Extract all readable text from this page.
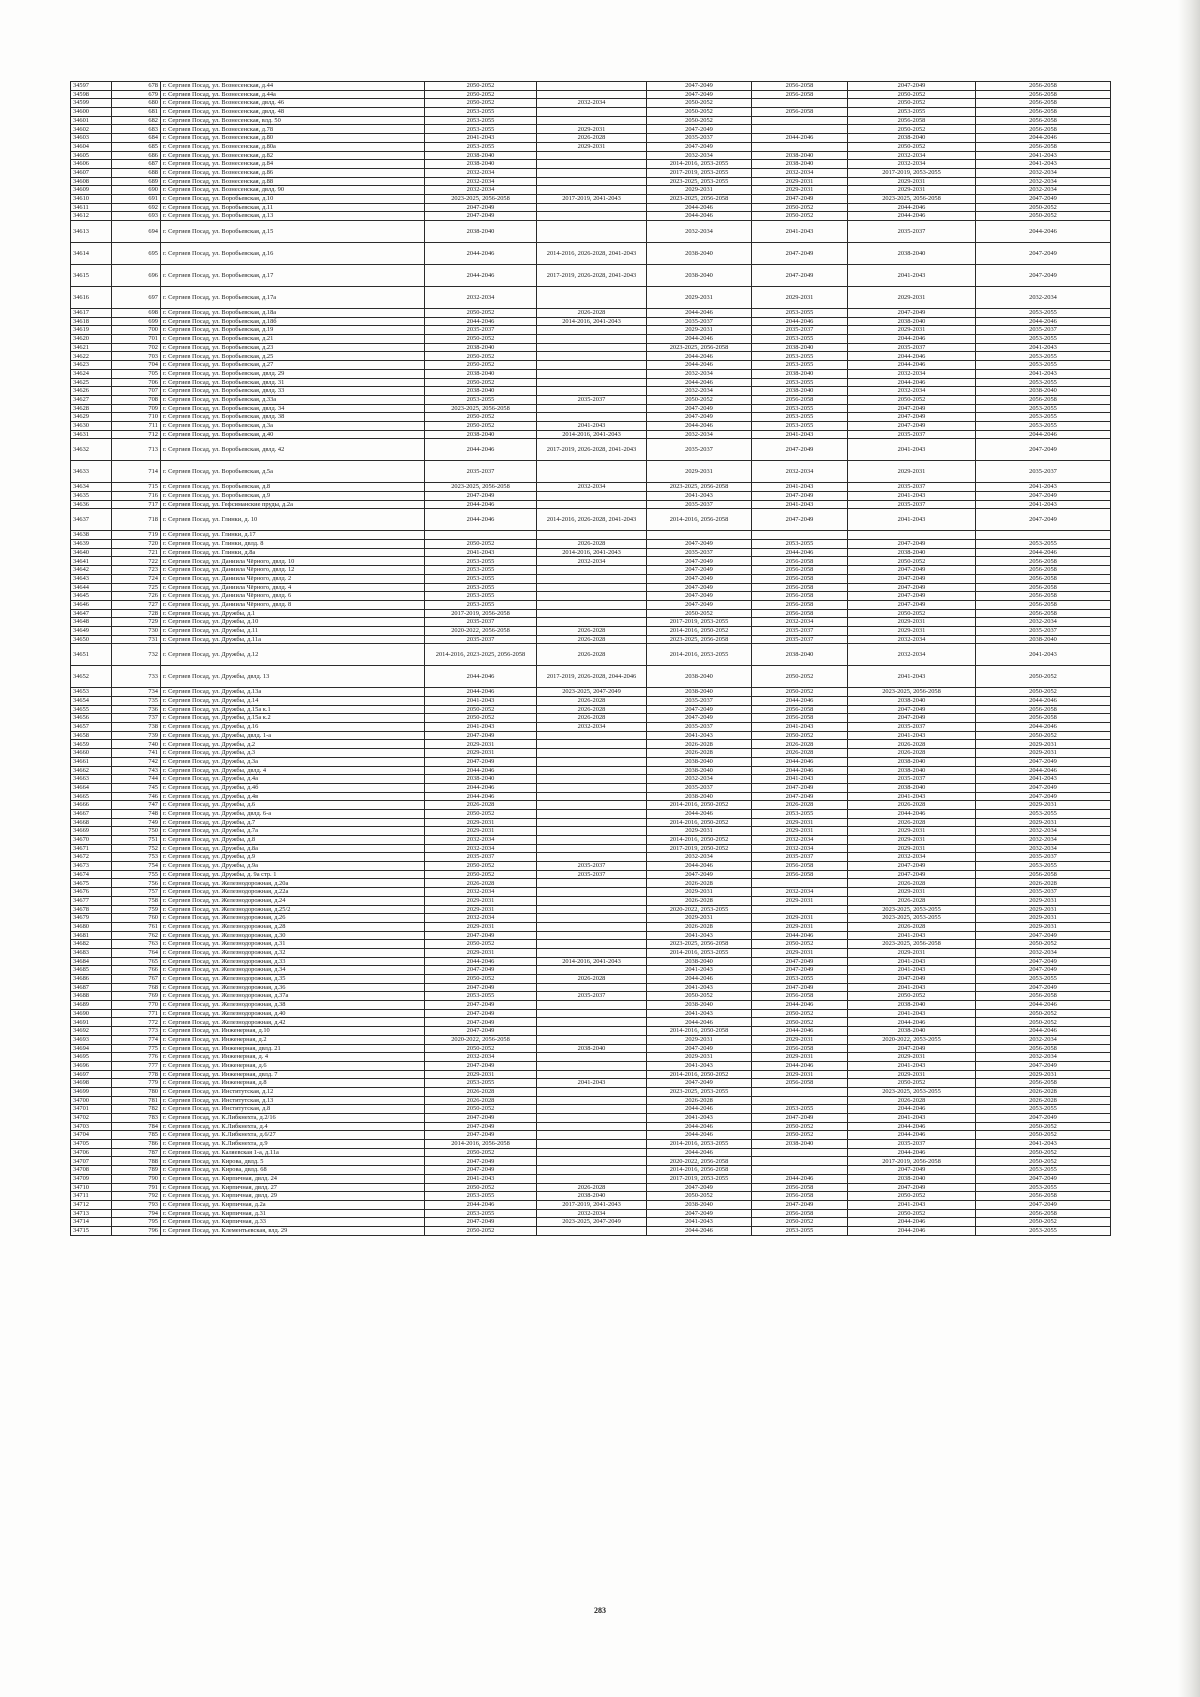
34597	678	г. Сергиев Посад, ул. Вознесенская, д.44	2050-2052		2047-2049	2056-2058	2047-2049	2056-2058
34598	679	г. Сергиев Посад, ул. Вознесенская, д.44а	2050-2052		2047-2049	2056-2058	2050-2052	2056-2058
34599	680	г. Сергиев Посад, ул. Вознесенская, двлд. 46	2050-2052	2032-2034	2050-2052		2050-2052	2056-2058
34600	681	г. Сергиев Посад, ул. Вознесенская, двлд. 48	2053-2055		2050-2052	2056-2058	2053-2055	2056-2058
34601	682	г. Сергиев Посад, ул. Вознесенская, влд. 50	2053-2055		2050-2052		2056-2058	2056-2058
34602	683	г. Сергиев Посад, ул. Вознесенская, д.78	2053-2055	2029-2031	2047-2049		2050-2052	2056-2058
34603	684	г. Сергиев Посад, ул. Вознесенская, д.80	2041-2043	2026-2028	2035-2037	2044-2046	2038-2040	2044-2046
34604	685	г. Сергиев Посад, ул. Вознесенская, д.80а	2053-2055	2029-2031	2047-2049		2050-2052	2056-2058
34605	686	г. Сергиев Посад, ул. Вознесенская, д.82	2038-2040		2032-2034	2038-2040	2032-2034	2041-2043
34606	687	г. Сергиев Посад, ул. Вознесенская, д.84	2038-2040		2014-2016, 2053-2055	2038-2040	2032-2034	2041-2043
34607	688	г. Сергиев Посад, ул. Вознесенская, д.86	2032-2034		2017-2019, 2053-2055	2032-2034	2017-2019, 2053-2055	2032-2034
34608	689	г. Сергиев Посад, ул. Вознесенская, д.88	2032-2034		2023-2025, 2053-2055	2029-2031	2029-2031	2032-2034
34609	690	г. Сергиев Посад, ул. Вознесенская, двлд. 90	2032-2034		2029-2031	2029-2031	2029-2031	2032-2034
34610	691	г. Сергиев Посад, ул. Воробьевская, д.10	2023-2025, 2056-2058	2017-2019, 2041-2043	2023-2025, 2056-2058	2047-2049	2023-2025, 2056-2058	2047-2049
34611	692	г. Сергиев Посад, ул. Воробьевская, д.11	2047-2049		2044-2046	2050-2052	2044-2046	2050-2052
34612	693	г. Сергиев Посад, ул. Воробьевская, д.13	2047-2049		2044-2046	2050-2052	2044-2046	2050-2052
34613	694	г. Сергиев Посад, ул. Воробьевская, д.15	2038-2040		2032-2034	2041-2043	2035-2037	2044-2046
34614	695	г. Сергиев Посад, ул. Воробьевская, д.16	2044-2046	2014-2016, 2026-2028, 2041-2043	2038-2040	2047-2049	2038-2040	2047-2049
34615	696	г. Сергиев Посад, ул. Воробьевская, д.17	2044-2046	2017-2019, 2026-2028, 2041-2043	2038-2040	2047-2049	2041-2043	2047-2049
34616	697	г. Сергиев Посад, ул. Воробьевская, д.17а	2032-2034		2029-2031	2029-2031	2029-2031	2032-2034
34617	698	г. Сергиев Посад, ул. Воробьевская, д.18а	2050-2052	2026-2028	2044-2046	2053-2055	2047-2049	2053-2055
34618	699	г. Сергиев Посад, ул. Воробьевская, д.18б	2044-2046	2014-2016, 2041-2043	2035-2037	2044-2046	2038-2040	2044-2046
34619	700	г. Сергиев Посад, ул. Воробьевская, д.19	2035-2037		2029-2031	2035-2037	2029-2031	2035-2037
34620	701	г. Сергиев Посад, ул. Воробьевская, д.21	2050-2052		2044-2046	2053-2055	2044-2046	2053-2055
34621	702	г. Сергиев Посад, ул. Воробьевская, д.23	2038-2040		2023-2025, 2056-2058	2038-2040	2035-2037	2041-2043
34622	703	г. Сергиев Посад, ул. Воробьевская, д.25	2050-2052		2044-2046	2053-2055	2044-2046	2053-2055
34623	704	г. Сергиев Посад, ул. Воробьевская, д.27	2050-2052		2044-2046	2053-2055	2044-2046	2053-2055
34624	705	г. Сергиев Посад, ул. Воробьевская, двлд. 29	2038-2040		2032-2034	2038-2040	2032-2034	2041-2043
34625	706	г. Сергиев Посад, ул. Воробьевская, двлд. 31	2050-2052		2044-2046	2053-2055	2044-2046	2053-2055
34626	707	г. Сергиев Посад, ул. Воробьевская, двлд. 33	2038-2040		2032-2034	2038-2040	2032-2034	2038-2040
34627	708	г. Сергиев Посад, ул. Воробьевская, д.33а	2053-2055	2035-2037	2050-2052	2056-2058	2050-2052	2056-2058
34628	709	г. Сергиев Посад, ул. Воробьевская, двлд. 34	2023-2025, 2056-2058		2047-2049	2053-2055	2047-2049	2053-2055
34629	710	г. Сергиев Посад, ул. Воробьевская, двлд. 38	2050-2052		2047-2049	2053-2055	2047-2049	2053-2055
34630	711	г. Сергиев Посад, ул. Воробьевская, д.3а	2050-2052	2041-2043	2044-2046	2053-2055	2047-2049	2053-2055
34631	712	г. Сергиев Посад, ул. Воробьевская, д.40	2038-2040	2014-2016, 2041-2043	2032-2034	2041-2043	2035-2037	2044-2046
34632	713	г. Сергиев Посад, ул. Воробьевская, двлд. 42	2044-2046	2017-2019, 2026-2028, 2041-2043	2035-2037	2047-2049	2041-2043	2047-2049
34633	714	г. Сергиев Посад, ул. Воробьевская, д.5а	2035-2037		2029-2031	2032-2034	2029-2031	2035-2037
34634	715	г. Сергиев Посад, ул. Воробьевская, д.8	2023-2025, 2056-2058	2032-2034	2023-2025, 2056-2058	2041-2043	2035-2037	2041-2043
34635	716	г. Сергиев Посад, ул. Воробьевская, д.9	2047-2049		2041-2043	2047-2049	2041-2043	2047-2049
34636	717	г. Сергиев Посад, ул. Гефсиманские пруды, д.2а	2044-2046		2035-2037	2041-2043	2035-2037	2041-2043
34637	718	г. Сергиев Посад, ул. Глинки, д. 10	2044-2046	2014-2016, 2026-2028, 2041-2043	2014-2016, 2056-2058	2047-2049	2041-2043	2047-2049
34638	719	г. Сергиев Посад, ул. Глинки, д.17						
34639	720	г. Сергиев Посад, ул. Глинки, двлд. 8	2050-2052	2026-2028	2047-2049	2053-2055	2047-2049	2053-2055
34640	721	г. Сергиев Посад, ул. Глинки, д.8а	2041-2043	2014-2016, 2041-2043	2035-2037	2044-2046	2038-2040	2044-2046
34641	722	г. Сергиев Посад, ул. Даниила Чёрного, двлд. 10	2053-2055	2032-2034	2047-2049	2056-2058	2050-2052	2056-2058
34642	723	г. Сергиев Посад, ул. Даниила Чёрного, двлд. 12	2053-2055		2047-2049	2056-2058	2047-2049	2056-2058
34643	724	г. Сергиев Посад, ул. Даниила Чёрного, двлд. 2	2053-2055		2047-2049	2056-2058	2047-2049	2056-2058
34644	725	г. Сергиев Посад, ул. Даниила Чёрного, двлд. 4	2053-2055		2047-2049	2056-2058	2047-2049	2056-2058
34645	726	г. Сергиев Посад, ул. Даниила Чёрного, двлд. 6	2053-2055		2047-2049	2056-2058	2047-2049	2056-2058
34646	727	г. Сергиев Посад, ул. Даниила Чёрного, двлд. 8	2053-2055		2047-2049	2056-2058	2047-2049	2056-2058
34647	728	г. Сергиев Посад, ул. Дружбы, д.1	2017-2019, 2056-2058		2050-2052	2056-2058	2050-2052	2056-2058
34648	729	г. Сергиев Посад, ул. Дружбы, д.10	2035-2037		2017-2019, 2053-2055	2032-2034	2029-2031	2032-2034
34649	730	г. Сергиев Посад, ул. Дружбы, д.11	2020-2022, 2056-2058	2026-2028	2014-2016, 2050-2052	2035-2037	2029-2031	2035-2037
34650	731	г. Сергиев Посад, ул. Дружбы, д.11а	2035-2037	2026-2028	2023-2025, 2056-2058	2035-2037	2032-2034	2038-2040
34651	732	г. Сергиев Посад, ул. Дружбы, д.12	2014-2016, 2023-2025, 2056-2058	2026-2028	2014-2016, 2053-2055	2038-2040	2032-2034	2041-2043
34652	733	г. Сергиев Посад, ул. Дружбы, двлд. 13	2044-2046	2017-2019, 2026-2028, 2044-2046	2038-2040	2050-2052	2041-2043	2050-2052
34653	734	г. Сергиев Посад, ул. Дружбы, д.13а	2044-2046	2023-2025, 2047-2049	2038-2040	2050-2052	2023-2025, 2056-2058	2050-2052
34654	735	г. Сергиев Посад, ул. Дружбы, д.14	2041-2043	2026-2028	2035-2037	2044-2046	2038-2040	2044-2046
34655	736	г. Сергиев Посад, ул. Дружбы, д.15а к.1	2050-2052	2026-2028	2047-2049	2056-2058	2047-2049	2056-2058
34656	737	г. Сергиев Посад, ул. Дружбы, д.15а к.2	2050-2052	2026-2028	2047-2049	2056-2058	2047-2049	2056-2058
34657	738	г. Сергиев Посад, ул. Дружбы, д.16	2041-2043	2032-2034	2035-2037	2041-2043	2035-2037	2044-2046
34658	739	г. Сергиев Посад, ул. Дружбы, двлд. 1-а	2047-2049		2041-2043	2050-2052	2041-2043	2050-2052
34659	740	г. Сергиев Посад, ул. Дружбы, д.2	2029-2031		2026-2028	2026-2028	2026-2028	2029-2031
34660	741	г. Сергиев Посад, ул. Дружбы, д.3	2029-2031		2026-2028	2026-2028	2026-2028	2029-2031
34661	742	г. Сергиев Посад, ул. Дружбы, д.3а	2047-2049		2038-2040	2044-2046	2038-2040	2047-2049
34662	743	г. Сергиев Посад, ул. Дружбы, двлд. 4	2044-2046		2038-2040	2044-2046	2038-2040	2044-2046
34663	744	г. Сергиев Посад, ул. Дружбы, д.4а	2038-2040		2032-2034	2041-2043	2035-2037	2041-2043
34664	745	г. Сергиев Посад, ул. Дружбы, д.4б	2044-2046		2035-2037	2047-2049	2038-2040	2047-2049
34665	746	г. Сергиев Посад, ул. Дружбы, д.4в	2044-2046		2038-2040	2047-2049	2041-2043	2047-2049
34666	747	г. Сергиев Посад, ул. Дружбы, д.6	2026-2028		2014-2016, 2050-2052	2026-2028	2026-2028	2029-2031
34667	748	г. Сергиев Посад, ул. Дружбы, двлд. 6-а	2050-2052		2044-2046	2053-2055	2044-2046	2053-2055
34668	749	г. Сергиев Посад, ул. Дружбы, д.7	2029-2031		2014-2016, 2050-2052	2029-2031	2026-2028	2029-2031
34669	750	г. Сергиев Посад, ул. Дружбы, д.7а	2029-2031		2029-2031	2029-2031	2029-2031	2032-2034
34670	751	г. Сергиев Посад, ул. Дружбы, д.8	2032-2034		2014-2016, 2050-2052	2032-2034	2029-2031	2032-2034
34671	752	г. Сергиев Посад, ул. Дружбы, д.8а	2032-2034		2017-2019, 2050-2052	2032-2034	2029-2031	2032-2034
34672	753	г. Сергиев Посад, ул. Дружбы, д.9	2035-2037		2032-2034	2035-2037	2032-2034	2035-2037
34673	754	г. Сергиев Посад, ул. Дружбы, д.9а	2050-2052	2035-2037	2044-2046	2056-2058	2047-2049	2053-2055
34674	755	г. Сергиев Посад, ул. Дружбы, д. 9а стр. 1	2050-2052	2035-2037	2047-2049	2056-2058	2047-2049	2056-2058
34675	756	г. Сергиев Посад, ул. Железнодорожная, д.20а	2026-2028		2026-2028		2026-2028	2026-2028
34676	757	г. Сергиев Посад, ул. Железнодорожная, д.22а	2032-2034		2029-2031	2032-2034	2029-2031	2035-2037
34677	758	г. Сергиев Посад, ул. Железнодорожная, д.24	2029-2031		2026-2028	2029-2031	2026-2028	2029-2031
34678	759	г. Сергиев Посад, ул. Железнодорожная, д.25/2	2029-2031		2020-2022, 2053-2055		2023-2025, 2053-2055	2029-2031
34679	760	г. Сергиев Посад, ул. Железнодорожная, д.26	2032-2034		2029-2031	2029-2031	2023-2025, 2053-2055	2029-2031
34680	761	г. Сергиев Посад, ул. Железнодорожная, д.28	2029-2031		2026-2028	2029-2031	2026-2028	2029-2031
34681	762	г. Сергиев Посад, ул. Железнодорожная, д.30	2047-2049		2041-2043	2044-2046	2041-2043	2047-2049
34682	763	г. Сергиев Посад, ул. Железнодорожная, д.31	2050-2052		2023-2025, 2056-2058	2050-2052	2023-2025, 2056-2058	2050-2052
34683	764	г. Сергиев Посад, ул. Железнодорожная, д.32	2029-2031		2014-2016, 2053-2055	2029-2031	2029-2031	2032-2034
34684	765	г. Сергиев Посад, ул. Железнодорожная, д.33	2044-2046	2014-2016, 2041-2043	2038-2040	2047-2049	2041-2043	2047-2049
34685	766	г. Сергиев Посад, ул. Железнодорожная, д.34	2047-2049		2041-2043	2047-2049	2041-2043	2047-2049
34686	767	г. Сергиев Посад, ул. Железнодорожная, д.35	2050-2052	2026-2028	2044-2046	2053-2055	2047-2049	2053-2055
34687	768	г. Сергиев Посад, ул. Железнодорожная, д.36	2047-2049		2041-2043	2047-2049	2041-2043	2047-2049
34688	769	г. Сергиев Посад, ул. Железнодорожная, д.37а	2053-2055	2035-2037	2050-2052	2056-2058	2050-2052	2056-2058
34689	770	г. Сергиев Посад, ул. Железнодорожная, д.38	2047-2049		2038-2040	2044-2046	2038-2040	2044-2046
34690	771	г. Сергиев Посад, ул. Железнодорожная, д.40	2047-2049		2041-2043	2050-2052	2041-2043	2050-2052
34691	772	г. Сергиев Посад, ул. Железнодорожная, д.42	2047-2049		2044-2046	2050-2052	2044-2046	2050-2052
34692	773	г. Сергиев Посад, ул. Инженерная, д.10	2047-2049		2014-2016, 2050-2058	2044-2046	2038-2040	2044-2046
34693	774	г. Сергиев Посад, ул. Инженерная, д.2	2020-2022, 2056-2058		2029-2031	2029-2031	2020-2022, 2053-2055	2032-2034
34694	775	г. Сергиев Посад, ул. Инженерная, двлд. 21	2050-2052	2038-2040	2047-2049	2056-2058	2047-2049	2056-2058
34695	776	г. Сергиев Посад, ул. Инженерная, д. 4	2032-2034		2029-2031	2029-2031	2029-2031	2032-2034
34696	777	г. Сергиев Посад, ул. Инженерная, д.6	2047-2049		2041-2043	2044-2046	2041-2043	2047-2049
34697	778	г. Сергиев Посад, ул. Инженерная, двлд. 7	2029-2031		2014-2016, 2050-2052	2029-2031	2029-2031	2029-2031
34698	779	г. Сергиев Посад, ул. Инженерная, д.8	2053-2055	2041-2043	2047-2049	2056-2058	2050-2052	2056-2058
34699	780	г. Сергиев Посад, ул. Институтская, д.12	2026-2028		2023-2025, 2053-2055		2023-2025, 2053-2055	2026-2028
34700	781	г. Сергиев Посад, ул. Институтская, д.13	2026-2028		2026-2028		2026-2028	2026-2028
34701	782	г. Сергиев Посад, ул. Институтская, д.8	2050-2052		2044-2046	2053-2055	2044-2046	2053-2055
34702	783	г. Сергиев Посад, ул. К.Либкнехта, д.2/16	2047-2049		2041-2043	2047-2049	2041-2043	2047-2049
34703	784	г. Сергиев Посад, ул. К.Либкнехта, д.4	2047-2049		2044-2046	2050-2052	2044-2046	2050-2052
34704	785	г. Сергиев Посад, ул. К.Либкнехта, д.6/27	2047-2049		2044-2046	2050-2052	2044-2046	2050-2052
34705	786	г. Сергиев Посад, ул. К.Либкнехта, д.9	2014-2016, 2056-2058		2014-2016, 2053-2055	2038-2040	2035-2037	2041-2043
34706	787	г. Сергиев Посад, ул. Каляевская 1-а, д.11а	2050-2052		2044-2046		2044-2046	2050-2052
34707	788	г. Сергиев Посад, ул. Кирова, двлд. 5	2047-2049		2020-2022, 2056-2058		2017-2019, 2056-2058	2050-2052
34708	789	г. Сергиев Посад, ул. Кирова, двлд. 68	2047-2049		2014-2016, 2056-2058		2047-2049	2053-2055
34709	790	г. Сергиев Посад, ул. Кирпичная, двлд. 24	2041-2043		2017-2019, 2053-2055	2044-2046	2038-2040	2047-2049
34710	791	г. Сергиев Посад, ул. Кирпичная, двлд. 27	2050-2052	2026-2028	2047-2049	2056-2058	2047-2049	2053-2055
34711	792	г. Сергиев Посад, ул. Кирпичная, двлд. 29	2053-2055	2038-2040	2050-2052	2056-2058	2050-2052	2056-2058
34712	793	г. Сергиев Посад, ул. Кирпичная, д.2а	2044-2046	2017-2019, 2041-2043	2038-2040	2047-2049	2041-2043	2047-2049
34713	794	г. Сергиев Посад, ул. Кирпичная, д.31	2053-2055	2032-2034	2047-2049	2056-2058	2050-2052	2056-2058
34714	795	г. Сергиев Посад, ул. Кирпичная, д.33	2047-2049	2023-2025, 2047-2049	2041-2043	2050-2052	2044-2046	2050-2052
34715	796	г. Сергиев Посад, ул. Клементьевская, влд. 29	2050-2052		2044-2046	2053-2055	2044-2046	2053-2055
283
